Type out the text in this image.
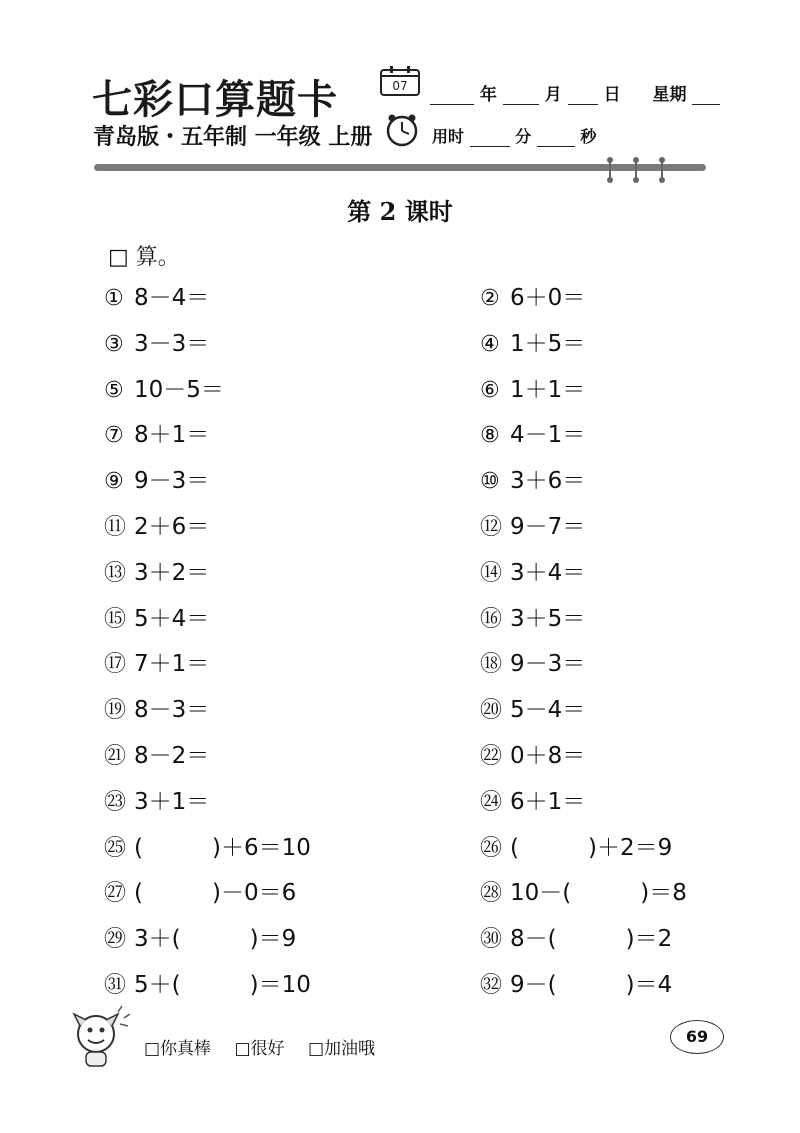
七彩口算题卡
青岛版・五年制 一年级 上册
07	年	月 日 星期
用时	分	秒
第 2 课时
□ 算。
① 8－4＝	② 6＋0＝
③ 3－3＝	④ 1＋5＝
⑤ 10－5＝	⑥ 1＋1＝
⑦ 8＋1＝	⑧ 4－1＝
⑨ 9－3＝	⑩ 3＋6＝
⑪ 2＋6＝	⑫ 9－7＝
⑬ 3＋2＝	⑭ 3＋4＝
⑮ 5＋4＝	⑯ 3＋5＝
⑰ 7＋1＝	⑱ 9－3＝
⑲ 8－3＝	⑳ 5－4＝
㉑ 8－2＝	㉒ 0＋8＝
㉓ 3＋1＝	㉔ 6＋1＝
㉕ (　　　)＋6＝10	㉖ (　　　)＋2＝9
㉗ (　　　)－0＝6	㉘ 10－(　　　)＝8
㉙ 3＋(　　　)＝9	㉚ 8－(　　　)＝2
㉛ 5＋(　　　)＝10	㉜ 9－(　　　)＝4
□你真棒 □很好 □加油哦
69
